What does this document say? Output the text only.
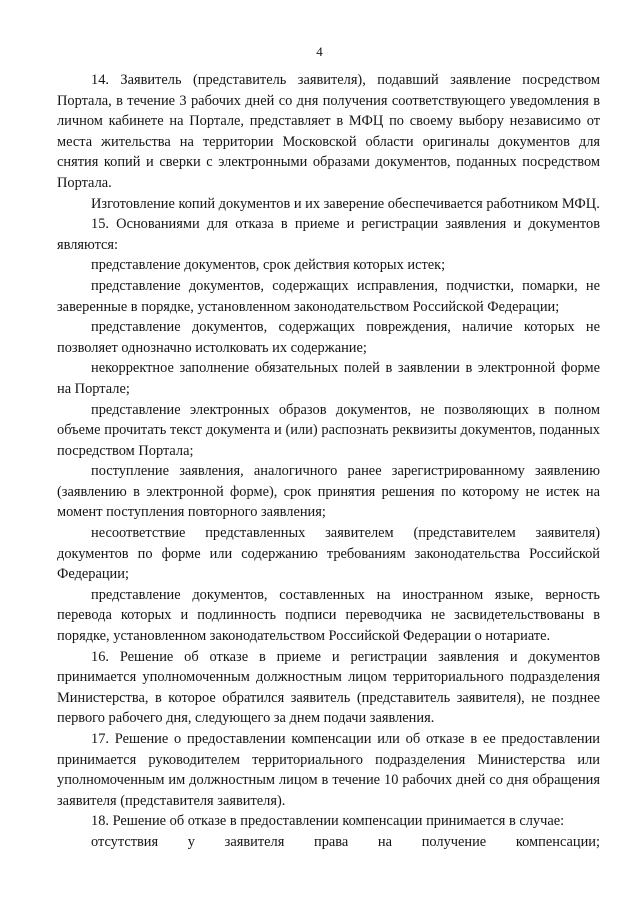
4

14. Заявитель (представитель заявителя), подавший заявление посредством Портала, в течение 3 рабочих дней со дня получения соответствующего уведомления в личном кабинете на Портале, представляет в МФЦ по своему выбору независимо от места жительства на территории Московской области оригиналы документов для снятия копий и сверки с электронными образами документов, поданных посредством Портала.

Изготовление копий документов и их заверение обеспечивается работником МФЦ.

15. Основаниями для отказа в приеме и регистрации заявления и документов являются:

представление документов, срок действия которых истек;

представление документов, содержащих исправления, подчистки, помарки, не заверенные в порядке, установленном законодательством Российской Федерации;

представление документов, содержащих повреждения, наличие которых не позволяет однозначно истолковать их содержание;

некорректное заполнение обязательных полей в заявлении в электронной форме на Портале;

представление электронных образов документов, не позволяющих в полном объеме прочитать текст документа и (или) распознать реквизиты документов, поданных посредством Портала;

поступление заявления, аналогичного ранее зарегистрированному заявлению (заявлению в электронной форме), срок принятия решения по которому не истек на момент поступления повторного заявления;

несоответствие представленных заявителем (представителем заявителя) документов по форме или содержанию требованиям законодательства Российской Федерации;

представление документов, составленных на иностранном языке, верность перевода которых и подлинность подписи переводчика не засвидетельствованы в порядке, установленном законодательством Российской Федерации о нотариате.

16. Решение об отказе в приеме и регистрации заявления и документов принимается уполномоченным должностным лицом территориального подразделения Министерства, в которое обратился заявитель (представитель заявителя), не позднее первого рабочего дня, следующего за днем подачи заявления.

17. Решение о предоставлении компенсации или об отказе в ее предоставлении принимается руководителем территориального подразделения Министерства или уполномоченным им должностным лицом в течение 10 рабочих дней со дня обращения заявителя (представителя заявителя).

18. Решение об отказе в предоставлении компенсации принимается в случае:

отсутствия у заявителя права на получение компенсации;
